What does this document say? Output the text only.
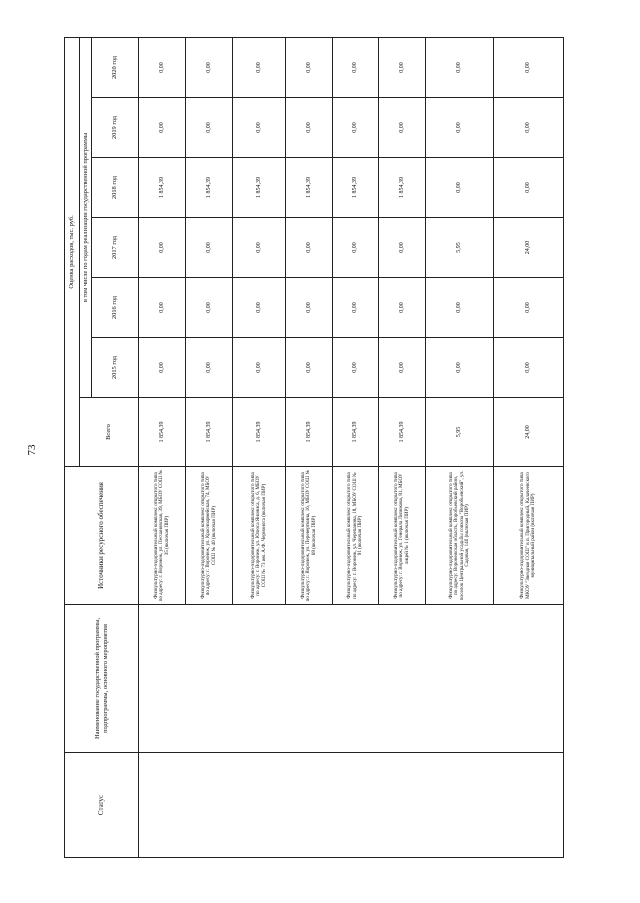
73
Статус	Наименование государственной программы, подпрограммы, основного мероприятия	Источники ресурсного обеспечения	Оценка расходов, тыс. руб.						
			Всего	в том числе по годам реализации государственной программы					
				2015 год	2016 год	2017 год	2018 год	2019 год	2020 год
		Физкультурно-оздоровительный комплекс открытого типа по адресу: г. Воронеж, ул. Песчановская, 39, МБОУ СОШ № 35 (включая ПИР)	1 854,39	0,00	0,00	0,00	1 854,39	0,00	0,00
		Физкультурно-оздоровительный комплекс открытого типа по адресу: г. Воронеж, ул. Красноармейская, 74, МБОУ СОШ № 40 (включая ПИР)	1 854,39	0,00	0,00	0,00	1 854,39	0,00	0,00
		Физкультурно-оздоровительный комплекс открытого типа по адресу: г. Воронеж, ул. Юлюса Янониса, д. 6, МБОУ СОШ № 73 им. А.Ф. Чернонога (включая ПИР)	1 854,39	0,00	0,00	0,00	1 854,39	0,00	0,00
		Физкультурно-оздоровительный комплекс открытого типа по адресу: г. Воронеж, ул. Переверткина, 16, МБОУ СОШ № 68 (включая ПИР)	1 854,39	0,00	0,00	0,00	1 854,39	0,00	0,00
		Физкультурно-оздоровительный комплекс открытого типа по адресу: г. Воронеж, ул. Черепанова, 18, МБОУ СОШ № 91 (включая ПИР)	1 854,39	0,00	0,00	0,00	1 854,39	0,00	0,00
		Физкультурно-оздоровительный комплекс открытого типа по адресу: г. Воронеж, ул. Генерала Лизюкова, 81, МБОУ лицей № 1 (включая ПИР)	1 854,39	0,00	0,00	0,00	1 854,39	0,00	0,00
		Физкультурно-оздоровительный комплекс открытого типа по адресу: Воронежская область, Воробьевский район, поселок Центральной усадьбы совхоза "Воробьевский", ул. Садовая, 14б (включая ПИР)	5,95	0,00	0,00	5,95	0,00	0,00	0,00
		Физкультурно-оздоровительный комплекс открытого типа МКОУ "Звездная СОШ" в п. Пригородный, Калачеевского муниципальный район (включая ПИР)	24,00	0,00	0,00	24,00	0,00	0,00	0,00
